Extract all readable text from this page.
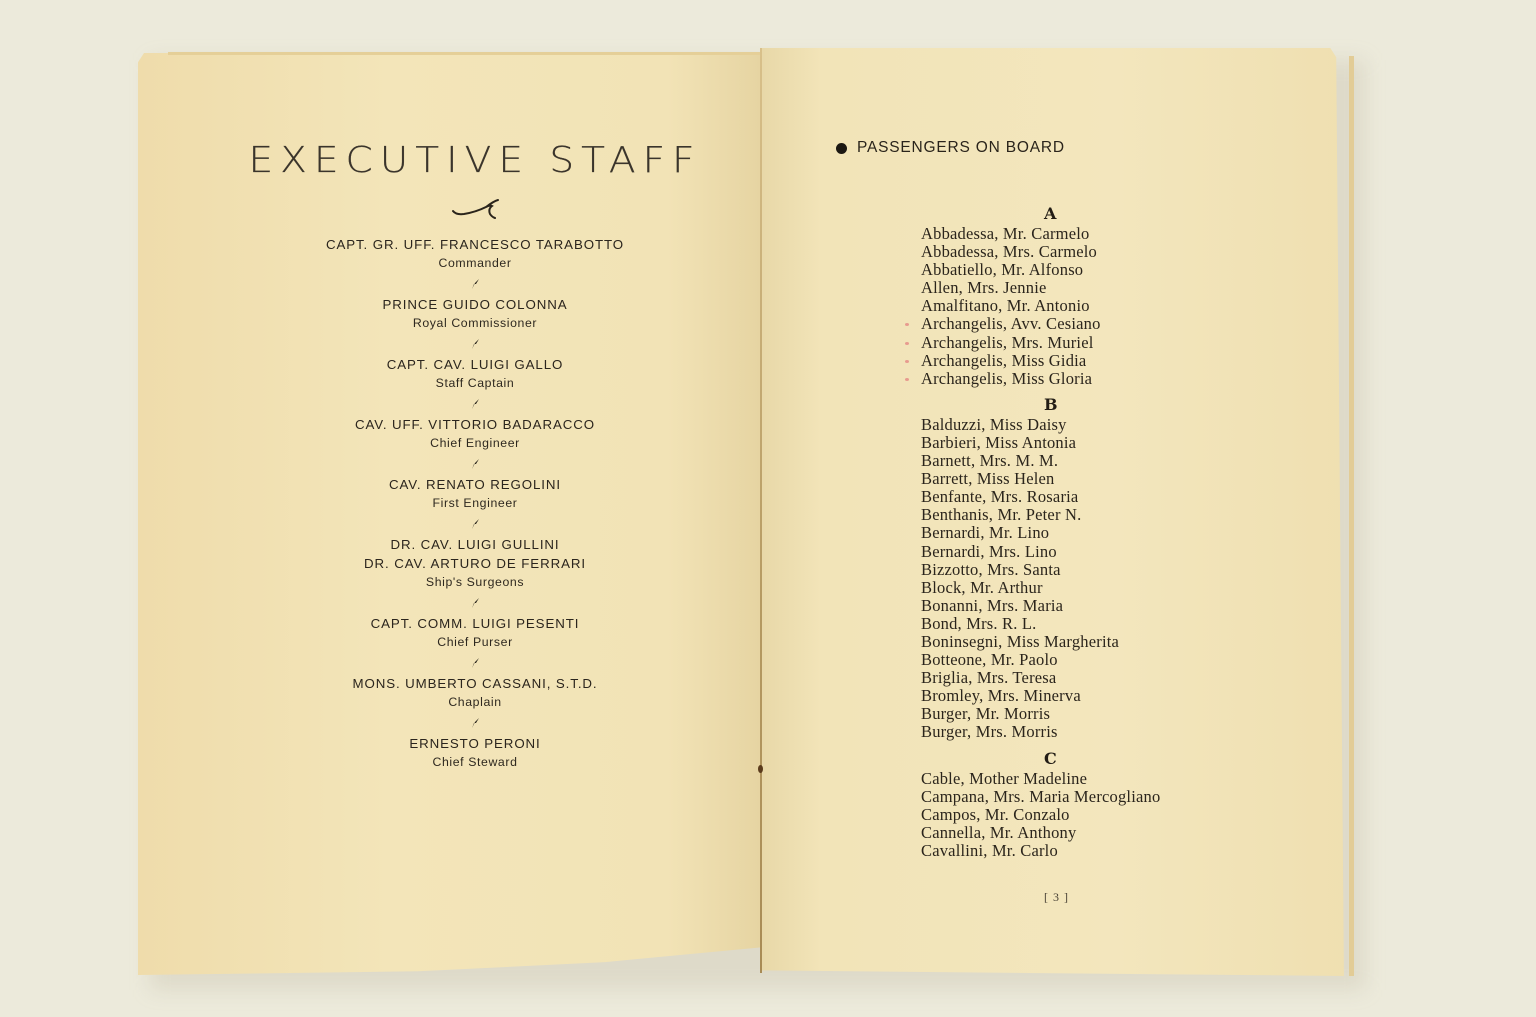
EXECUTIVE STAFF
CAPT. GR. UFF. FRANCESCO TARABOTTO
Commander
PRINCE GUIDO COLONNA
Royal Commissioner
CAPT. CAV. LUIGI GALLO
Staff Captain
CAV. UFF. VITTORIO BADARACCO
Chief Engineer
CAV. RENATO REGOLINI
First Engineer
DR. CAV. LUIGI GULLINI
DR. CAV. ARTURO DE FERRARI
Ship's Surgeons
CAPT. COMM. LUIGI PESENTI
Chief Purser
MONS. UMBERTO CASSANI, S.T.D.
Chaplain
ERNESTO PERONI
Chief Steward
PASSENGERS ON BOARD
A
Abbadessa, Mr. Carmelo
Abbadessa, Mrs. Carmelo
Abbatiello, Mr. Alfonso
Allen, Mrs. Jennie
Amalfitano, Mr. Antonio
Archangelis, Avv. Cesiano
Archangelis, Mrs. Muriel
Archangelis, Miss Gidia
Archangelis, Miss Gloria
B
Balduzzi, Miss Daisy
Barbieri, Miss Antonia
Barnett, Mrs. M. M.
Barrett, Miss Helen
Benfante, Mrs. Rosaria
Benthanis, Mr. Peter N.
Bernardi, Mr. Lino
Bernardi, Mrs. Lino
Bizzotto, Mrs. Santa
Block, Mr. Arthur
Bonanni, Mrs. Maria
Bond, Mrs. R. L.
Boninsegni, Miss Margherita
Botteone, Mr. Paolo
Briglia, Mrs. Teresa
Bromley, Mrs. Minerva
Burger, Mr. Morris
Burger, Mrs. Morris
C
Cable, Mother Madeline
Campana, Mrs. Maria Mercogliano
Campos, Mr. Conzalo
Cannella, Mr. Anthony
Cavallini, Mr. Carlo
[ 3 ]
